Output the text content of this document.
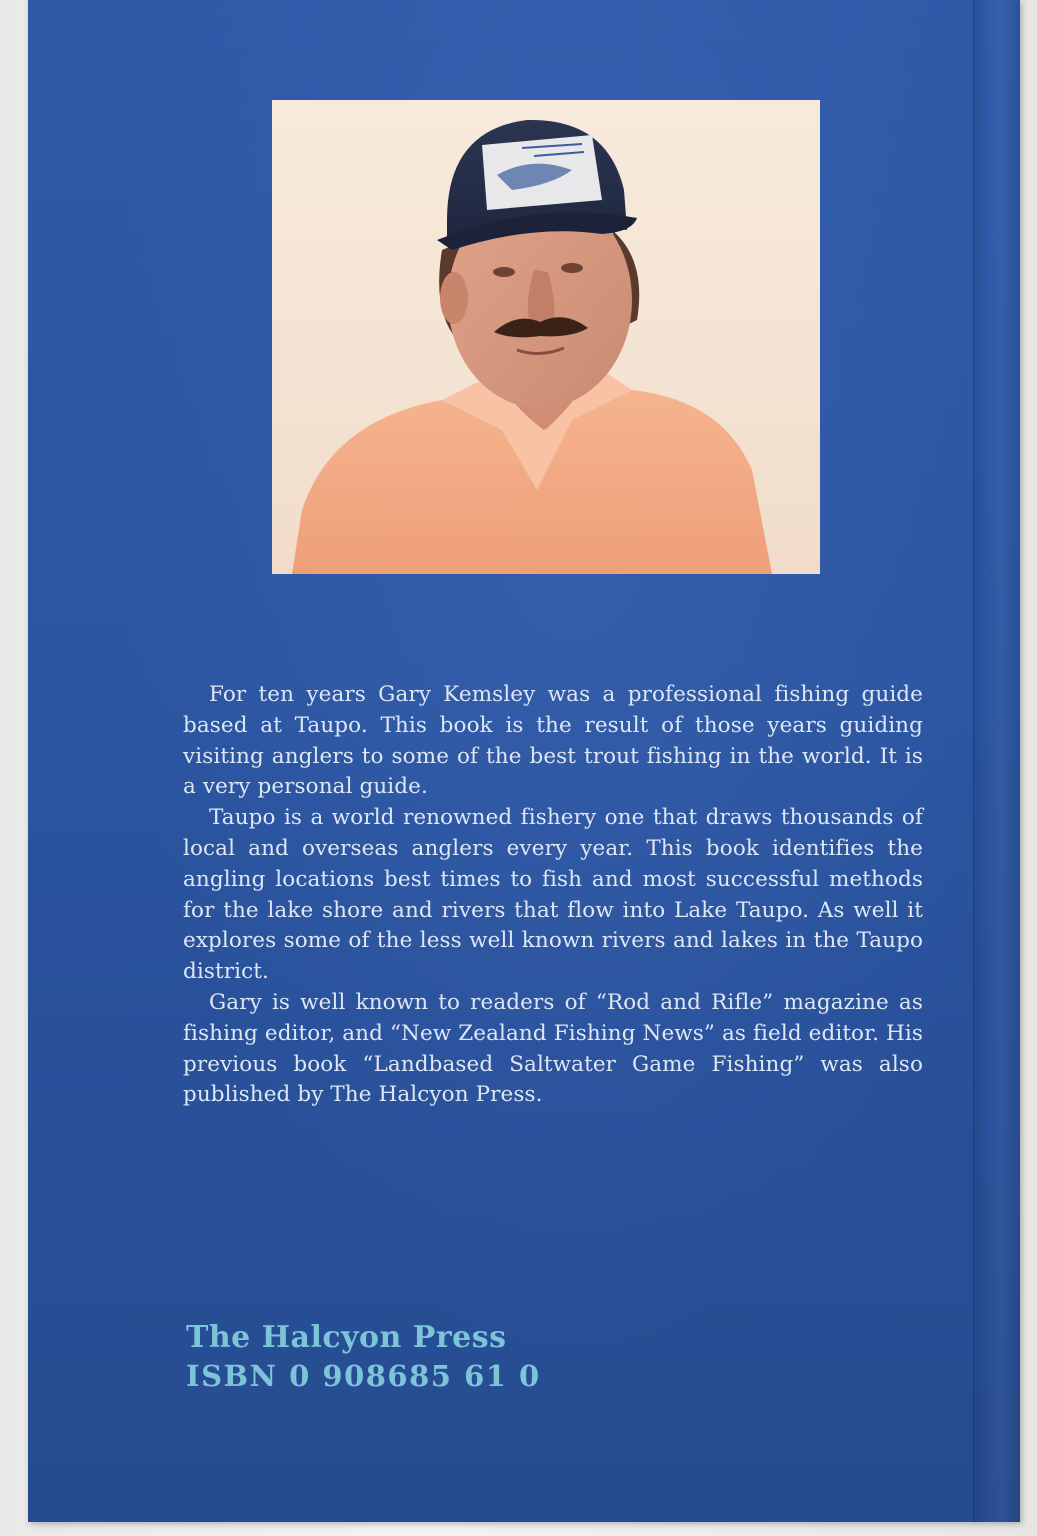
For ten years Gary Kemsley was a professional fishing guide based at Taupo. This book is the result of those years guiding visiting anglers to some of the best trout fishing in the world. It is a very personal guide.

Taupo is a world renowned fishery one that draws thousands of local and overseas anglers every year. This book identifies the angling locations best times to fish and most successful methods for the lake shore and rivers that flow into Lake Taupo. As well it explores some of the less well known rivers and lakes in the Taupo district.

Gary is well known to readers of “Rod and Rifle” magazine as fishing editor, and “New Zealand Fishing News” as field editor. His previous book “Landbased Saltwater Game Fishing” was also published by The Halcyon Press.

The Halcyon Press
ISBN 0 908685 61 0
